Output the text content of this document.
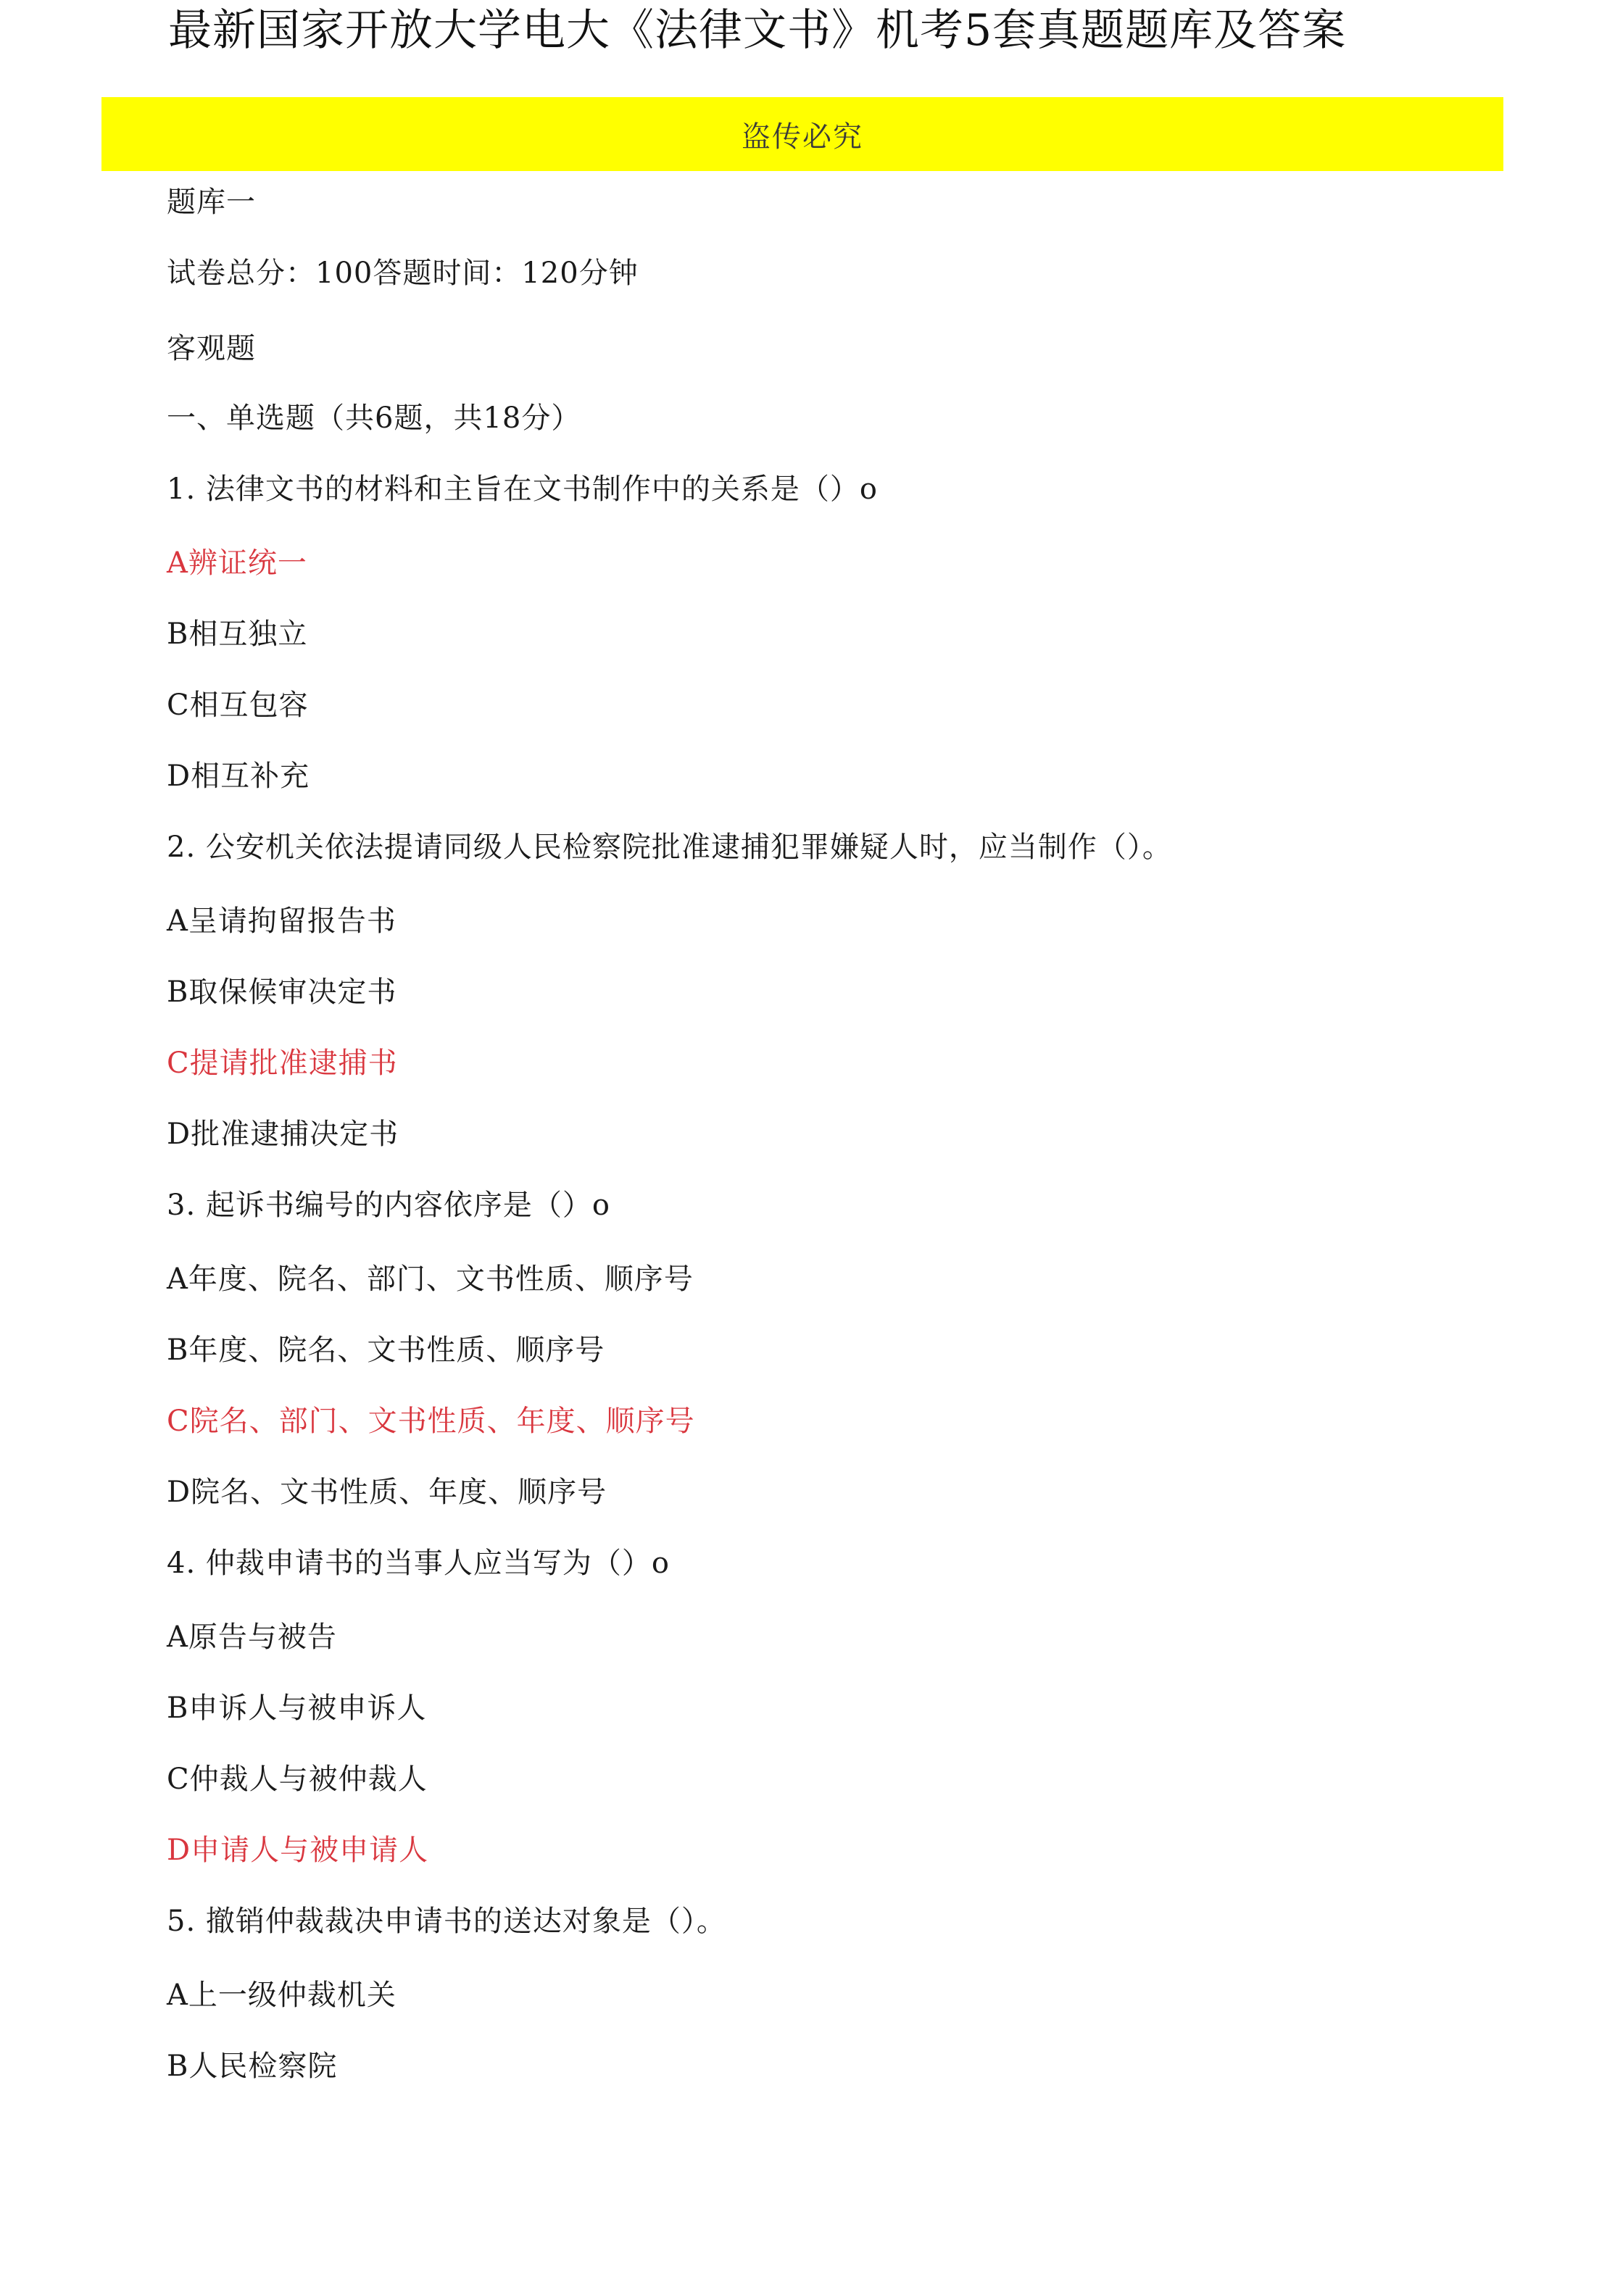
最新国家开放大学电大《法律文书》机考5套真题题库及答案
盗传必究
题库一
试卷总分：100答题时间：120分钟
客观题
一、单选题（共6题，共18分）
1. 法律文书的材料和主旨在文书制作中的关系是（）o
A辨证统一
B相互独立
C相互包容
D相互补充
2. 公安机关依法提请同级人民检察院批准逮捕犯罪嫌疑人时，应当制作（）。
A呈请拘留报告书
B取保候审决定书
C提请批准逮捕书
D批准逮捕决定书
3. 起诉书编号的内容依序是（）o
A年度、院名、部门、文书性质、顺序号
B年度、院名、文书性质、顺序号
C院名、部门、文书性质、年度、顺序号
D院名、文书性质、年度、顺序号
4. 仲裁申请书的当事人应当写为（）o
A原告与被告
B申诉人与被申诉人
C仲裁人与被仲裁人
D申请人与被申请人
5. 撤销仲裁裁决申请书的送达对象是（）。
A上一级仲裁机关
B人民检察院
